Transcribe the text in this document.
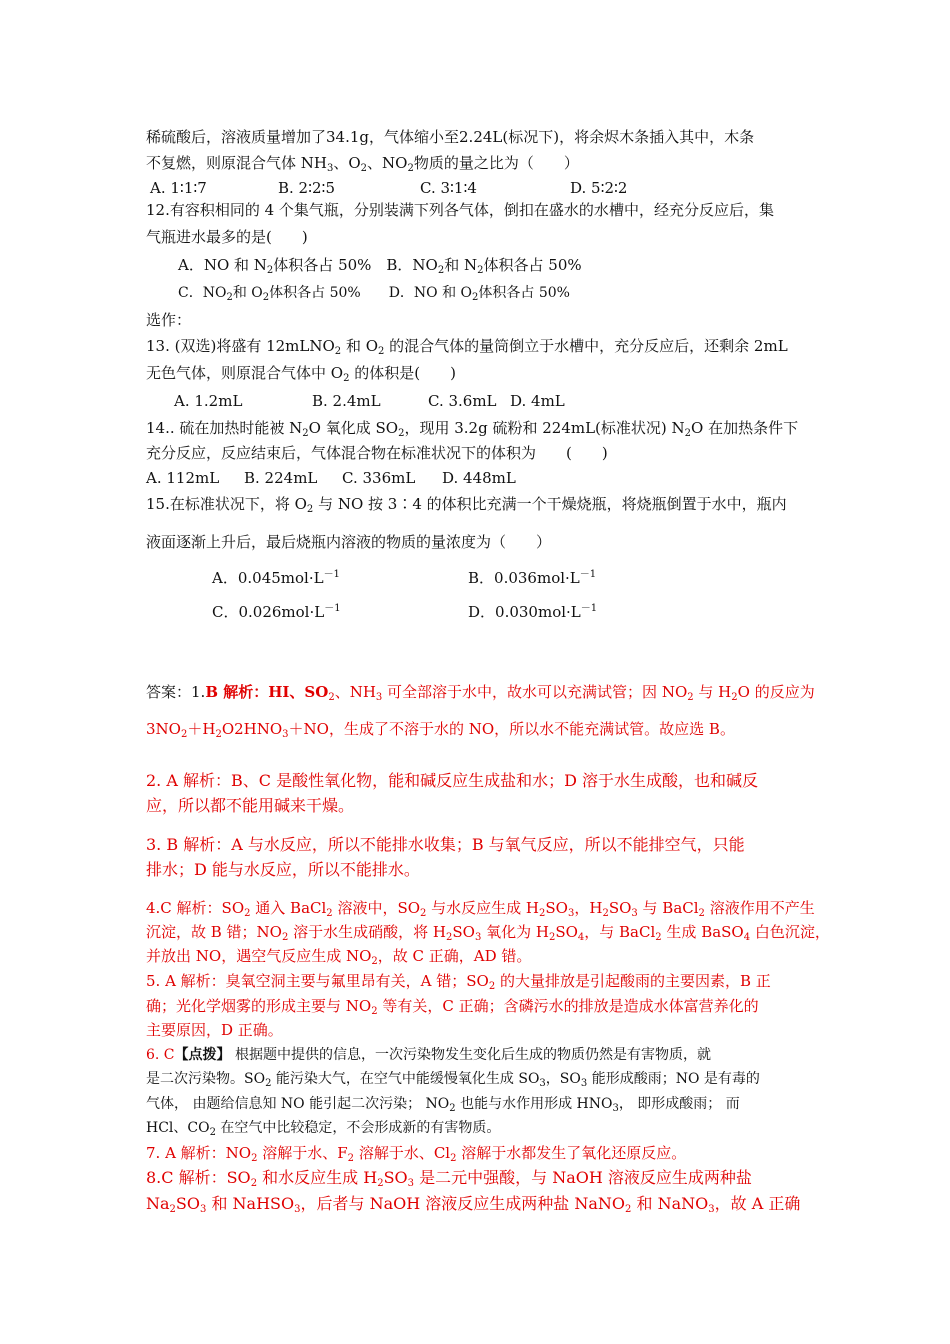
稀硫酸后，溶液质量增加了34.1g，气体缩小至2.24L(标况下)，将余烬木条插入其中，木条
不复燃，则原混合气体 $NH_3$、$O_2$、$NO_2$物质的量之比为（　　）
A. 1∶1∶7	B. 2∶2∶5	C. 3∶1∶4	D. 5∶2∶2
12.有容积相同的 4 个集气瓶，分别装满下列各气体，倒扣在盛水的水槽中，经充分反应后，集
气瓶进水最多的是(　　)
A．NO 和 $N_2$体积各占 50%　B．$NO_2$和 $N_2$体积各占 50%
C．$NO_2$和 $O_2$体积各占 50%　　D．NO 和 $O_2$体积各占 50%
选作：
13. (双选)将盛有 12mLNO$_2$ 和 $O_2$ 的混合气体的量筒倒立于水槽中，充分反应后，还剩余 2mL
无色气体，则原混合气体中 $O_2$ 的体积是(　　)
A. 1.2mL	B. 2.4mL	C. 3.6mL D. 4mL
14.. 硫在加热时能被 $N_2O$ 氧化成 $SO_2$，现用 3.2g 硫粉和 224mL(标准状况) $N_2O$ 在加热条件下
充分反应，反应结束后，气体混合物在标准状况下的体积为　　(　　)
A. 112mL B. 224mL C. 336mL D. 448mL
15.在标准状况下，将 $O_2$ 与 NO 按 3∶4 的体积比充满一个干燥烧瓶，将烧瓶倒置于水中，瓶内
液面逐渐上升后，最后烧瓶内溶液的物质的量浓度为（　　）
A．$0.045mol\cdot L^{-1}$	B．$0.036mol\cdot L^{-1}$
C．$0.026mol\cdot L^{-1}$	D．$0.030mol\cdot L^{-1}$
答案：1.B 解析：HI、$SO_2$、$NH_3$ 可全部溶于水中，故水可以充满试管；因 $NO_2$ 与 $H_2O$ 的反应为
$3NO_2+H_2O2HNO_3+NO$，生成了不溶于水的 NO，所以水不能充满试管。故应选 B。
2. A 解析：B、C 是酸性氧化物，能和碱反应生成盐和水；D 溶于水生成酸，也和碱反
应，所以都不能用碱来干燥。
3. B 解析：A 与水反应，所以不能排水收集；B 与氧气反应，所以不能排空气，只能
排水；D 能与水反应，所以不能排水。
4.C 解析：$SO_2$ 通入 BaCl$_2$ 溶液中，$SO_2$ 与水反应生成 $H_2SO_3$，$H_2SO_3$ 与 BaCl$_2$ 溶液作用不产生
沉淀，故 B 错；$NO_2$ 溶于水生成硝酸，将 $H_2SO_3$ 氧化为 $H_2SO_4$，与 BaCl$_2$ 生成 BaSO$_4$ 白色沉淀，
并放出 NO，遇空气反应生成 $NO_2$，故 C 正确，AD 错。
5. A 解析：臭氧空洞主要与氟里昂有关，A 错；$SO_2$ 的大量排放是引起酸雨的主要因素，B 正
确；光化学烟雾的形成主要与 $NO_2$ 等有关，C 正确；含磷污水的排放是造成水体富营养化的
主要原因，D 正确。
6. C【点拨】 根据题中提供的信息，一次污染物发生变化后生成的物质仍然是有害物质，就
是二次污染物。$SO_2$ 能污染大气，在空气中能缓慢氧化生成 $SO_3$，$SO_3$ 能形成酸雨；NO 是有毒的
气体， 由题给信息知 NO 能引起二次污染； $NO_2$ 也能与水作用形成 $HNO_3$， 即形成酸雨； 而
HCl、$CO_2$ 在空气中比较稳定，不会形成新的有害物质。
7. A 解析：$NO_2$ 溶解于水、$F_2$ 溶解于水、$Cl_2$ 溶解于水都发生了氧化还原反应。
8.C 解析：$SO_2$ 和水反应生成 $H_2SO_3$ 是二元中强酸，与 NaOH 溶液反应生成两种盐
$Na_2SO_3$ 和 NaHSO$_3$，后者与 NaOH 溶液反应生成两种盐 NaNO$_2$ 和 NaNO$_3$，故 A 正确
